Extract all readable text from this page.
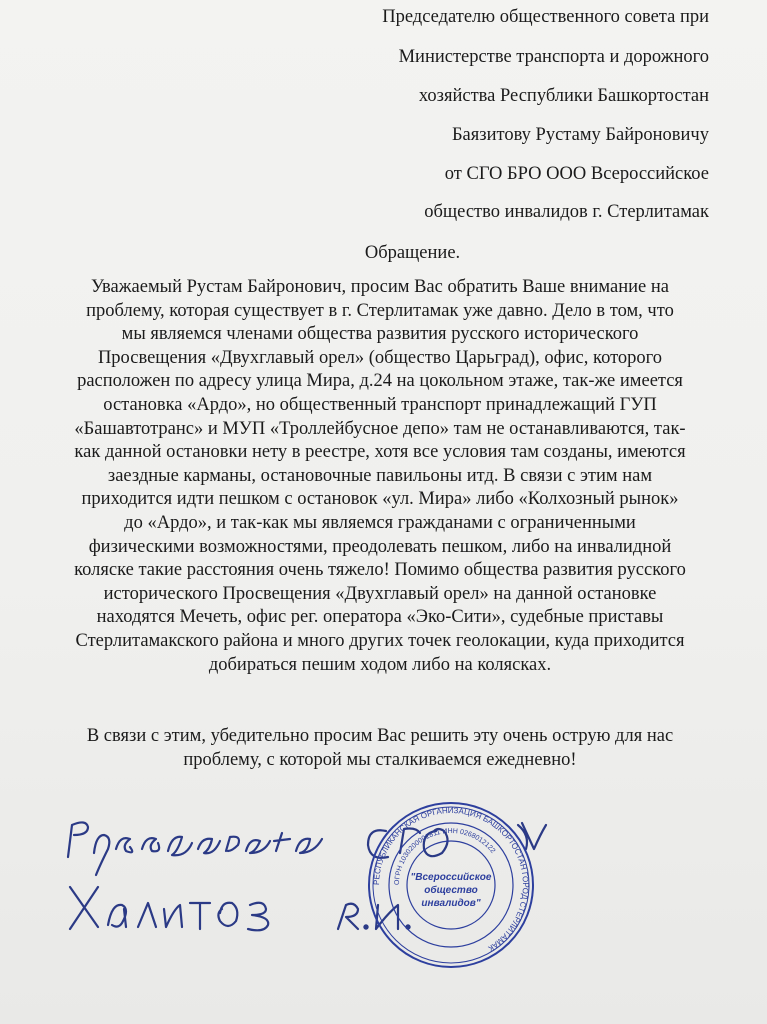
Председателю общественного совета при
Министерстве транспорта и дорожного
хозяйства Республики Башкортостан
Баязитову Рустаму Байроновичу
от СГО БРО ООО Всероссийское
общество инвалидов г. Стерлитамак
Обращение.
Уважаемый Рустам Байронович, просим Вас обратить Ваше внимание на
проблему, которая существует в г. Стерлитамак уже давно. Дело в том, что
мы являемся членами общества развития русского исторического
Просвещения «Двухглавый орел» (общество Царьград), офис, которого
расположен по адресу улица Мира, д.24 на цокольном этаже, так-же имеется
остановка «Ардо», но общественный транспорт принадлежащий ГУП
«Башавтотранс» и МУП «Троллейбусное депо» там не останавливаются, так-
как данной остановки нету в реестре, хотя все условия там созданы, имеются
заездные карманы, остановочные павильоны итд. В связи с этим нам
приходится идти пешком с остановок «ул. Мира» либо «Колхозный рынок»
до «Ардо», и так-как мы являемся гражданами с ограниченными
физическими возможностями, преодолевать пешком, либо на инвалидной
коляске такие расстояния очень тяжело! Помимо общества развития русского
исторического Просвещения «Двухглавый орел» на данной остановке
находятся Мечеть, офис рег. оператора «Эко-Сити», судебные приставы
Стерлитамакского района и много других точек геолокации, куда приходится
добираться пешим ходом либо на колясках.
В связи с этим, убедительно просим Вас решить эту очень острую для нас
проблему, с которой мы сталкиваемся ежедневно!
РЕСПУБЛИКАНСКАЯ ОРГАНИЗАЦИЯ БАШКОРТОСТАН ГОРОД СТЕРЛИТАМАК
ОГРН 1030200001811 ИНН 0268012122
"Всероссийское
общество
инвалидов"
